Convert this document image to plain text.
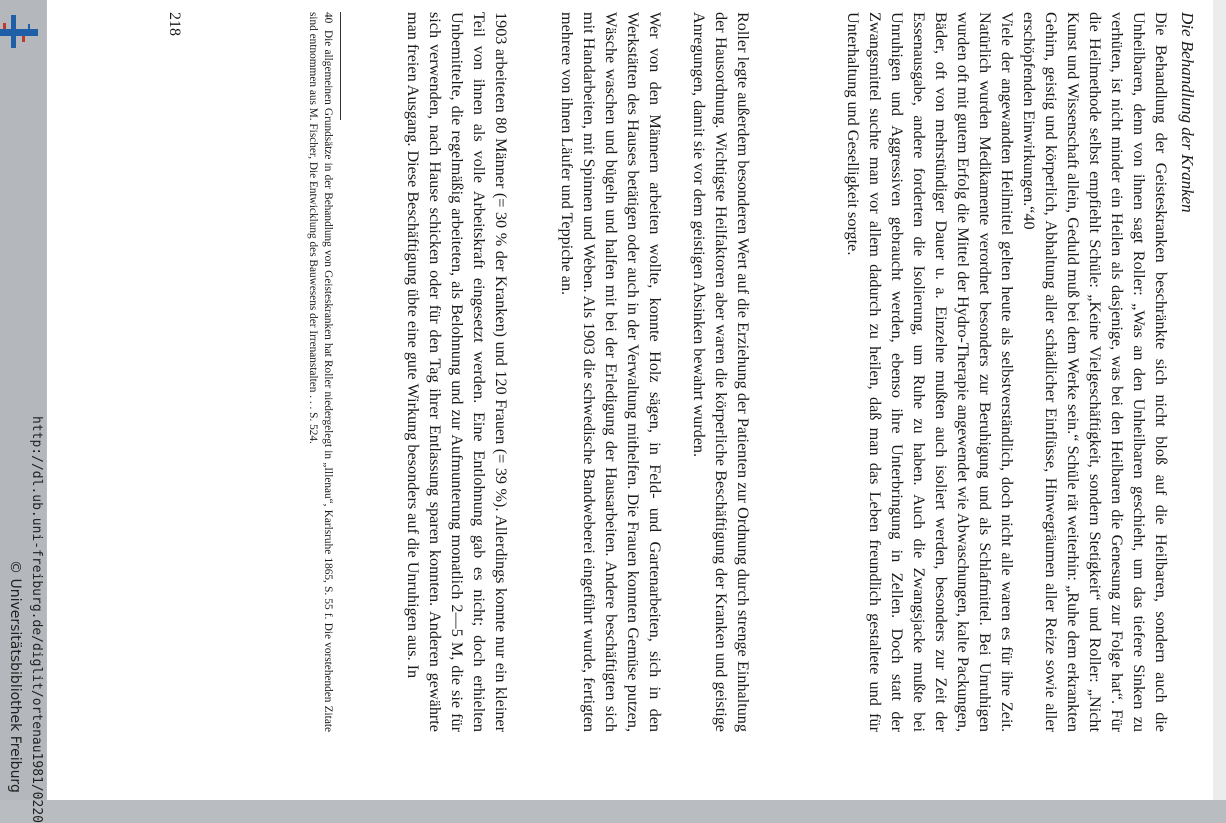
Die Behandlung der Kranken

Die Behandlung der Geisteskranken beschränkte sich nicht bloß auf die Heilbaren, sondern auch die Unheilbaren, denn von ihnen sagt Roller: „Was an den Unheilbaren geschieht, um das tiefere Sinken zu verhüten, ist nicht minder ein Heilen als dasjenige, was bei den Heilbaren die Genesung zur Folge hat“. Für die Heilmethode selbst empfiehlt Schüle: „Keine Vielgeschäftigkeit, sondern Stetigkeit“ und Roller: „Nicht Kunst und Wissenschaft allein, Geduld muß bei dem Werke sein.“ Schüle rät weiterhin: „Ruhe dem erkrankten Gehirn, geistig und körperlich, Abhaltung aller schädlicher Einflüsse, Hinwegräumen aller Reize sowie aller erschöpfenden Einwirkungen.“40

Viele der angewandten Heilmittel gelten heute als selbstverständlich, doch nicht alle waren es für ihre Zeit. Natürlich wurden Medikamente verordnet besonders zur Beruhigung und als Schlafmittel. Bei Unruhigen wurden oft mit gutem Erfolg die Mittel der Hydro-Therapie angewendet wie Abwaschungen, kalte Packungen, Bäder, oft von mehrstündiger Dauer u. a. Einzelne mußten auch isoliert werden, besonders zur Zeit der Essenausgabe, andere forderten die Isolierung, um Ruhe zu haben. Auch die Zwangsjacke mußte bei Unruhigen und Aggressiven gebraucht werden, ebenso ihre Unterbringung in Zellen. Doch statt der Zwangsmittel suchte man vor allem dadurch zu heilen, daß man das Leben freundlich gestaltete und für Unterhaltung und Geselligkeit sorgte.

Roller legte außerdem besonderen Wert auf die Erziehung der Patienten zur Ordnung durch strenge Einhaltung der Hausordnung. Wichtigste Heilfaktoren aber waren die körperliche Beschäftigung der Kranken und geistige Anregungen, damit sie vor dem geistigen Absinken bewahrt wurden.

Wer von den Männern arbeiten wollte, konnte Holz sägen, in Feld- und Gartenarbeiten, sich in den Werkstätten des Hauses betätigen oder auch in der Verwaltung mithelfen. Die Frauen konnten Gemüse putzen, Wäsche waschen und bügeln und halfen mit bei der Erledigung der Hausarbeiten. Andere beschäftigten sich mit Handarbeiten, mit Spinnen und Weben. Als 1903 die schwedische Bandweberei eingeführt wurde, fertigten mehrere von ihnen Läufer und Teppiche an.

1903 arbeiteten 80 Männer (= 30 % der Kranken) und 120 Frauen (= 39 %). Allerdings konnte nur ein kleiner Teil von ihnen als volle Arbeitskraft eingesetzt werden. Eine Entlohnung gab es nicht; doch erhielten Unbemittelte, die regelmäßig arbeiteten, als Belohnung und zur Aufmunterung monatlich 2—5 M, die sie für sich verwenden, nach Hause schicken oder für den Tag ihrer Entlassung sparen konnten. Anderen gewährte man freien Ausgang. Diese Beschäftigung übte eine gute Wirkung besonders auf die Unruhigen aus. In

40Die allgemeinen Grundsätze in der Behandlung von Geisteskranken hat Roller niedergelegt in „Illenau“, Karlsruhe 1865, S. 55 f. Die vorstehenden Zitate sind entnommen aus M. Fischer, Die Entwicklung des Bauwesens der Irrenanstalten . . . S. 524.
218
http://dl.ub.uni-freiburg.de/diglit/ortenau1981/0220
© Universitätsbibliothek Freiburg
